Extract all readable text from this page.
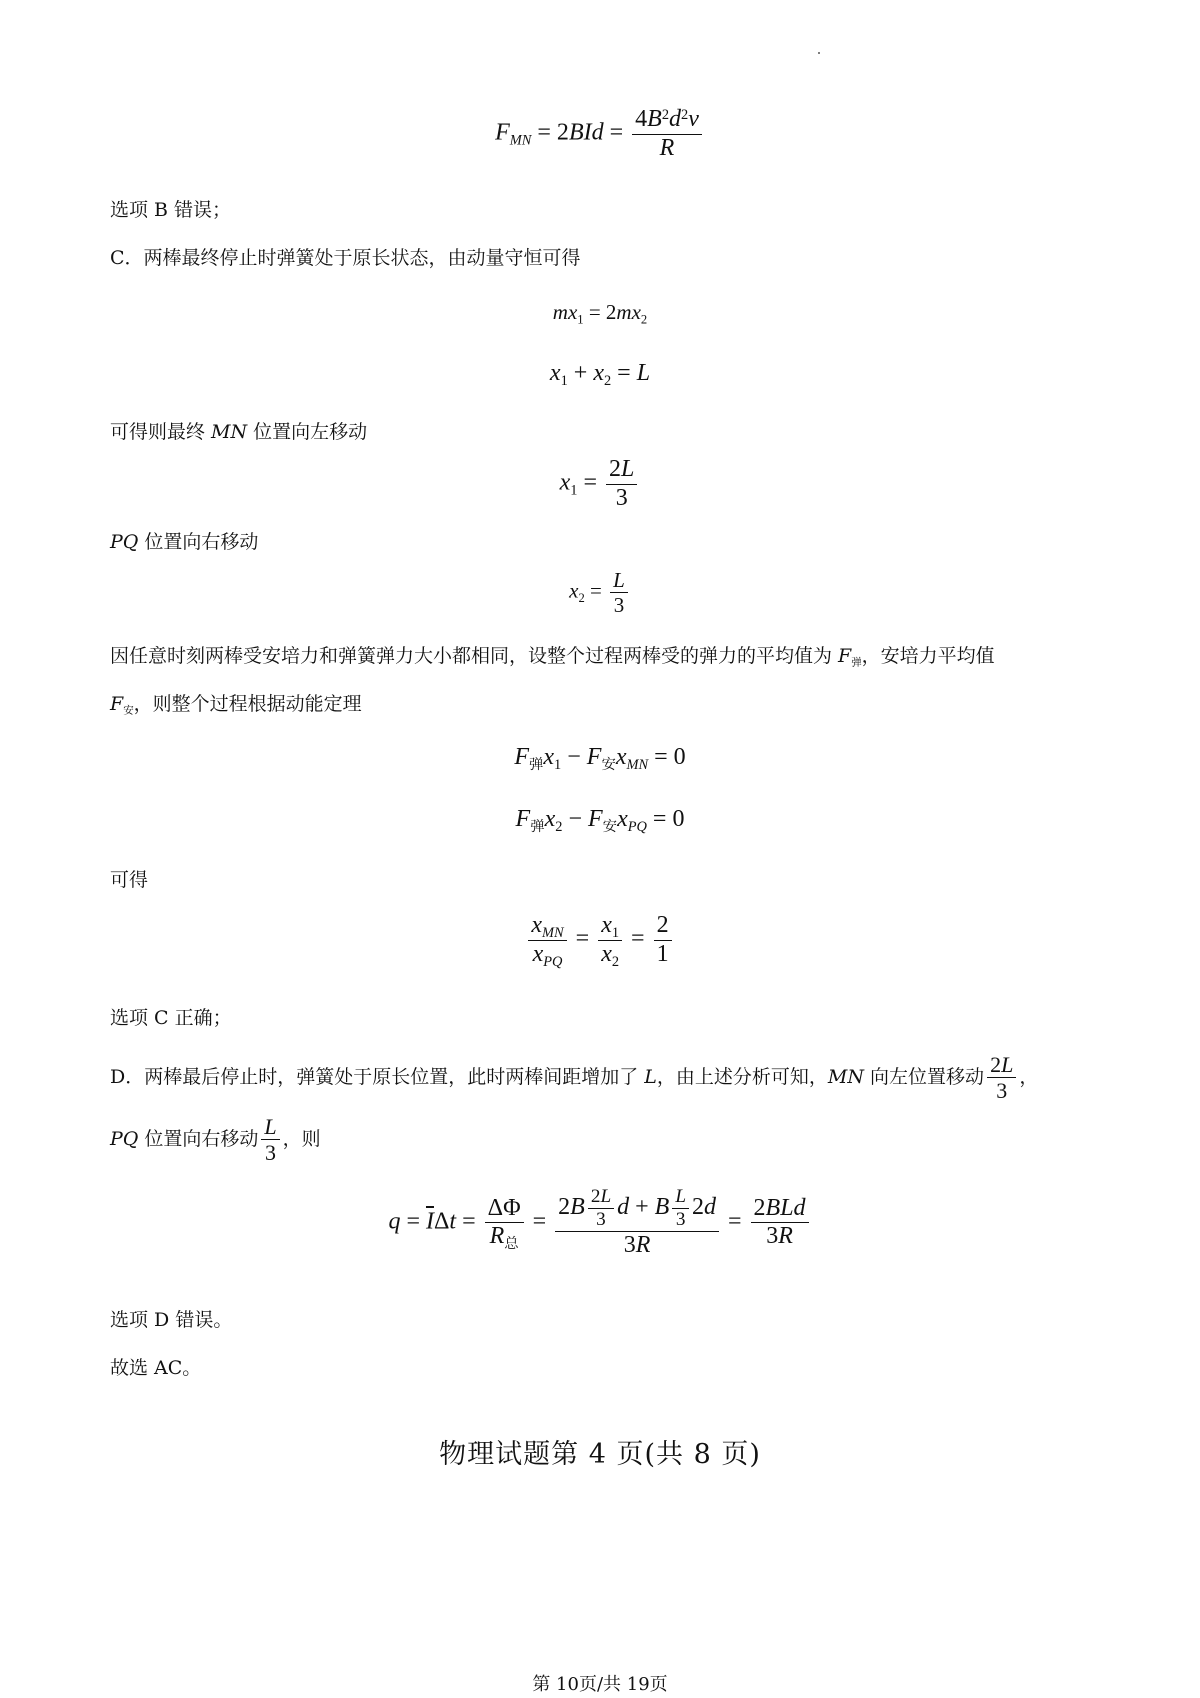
$F_{MN} = 2BId = \frac{4B^2d^2v}{R}$
选项 B 错误；
C．两棒最终停止时弹簧处于原长状态，由动量守恒可得
$mx_1 = 2mx_2$
$x_1 + x_2 = L$
可得则最终 MN 位置向左移动
$x_1 = \frac{2L}{3}$
PQ 位置向右移动
$x_2 = \frac{L}{3}$
因任意时刻两棒受安培力和弹簧弹力大小都相同，设整个过程两棒受的弹力的平均值为 $F_弹$，安培力平均值
$F_安$，则整个过程根据动能定理
$F_弹x_1 - F_安x_{MN} = 0$
$F_弹x_2 - F_安x_{PQ} = 0$
可得
$\frac{x_{MN}}{x_{PQ}} = \frac{x_1}{x_2} = \frac{2}{1}$
选项 C 正确；
D．两棒最后停止时，弹簧处于原长位置，此时两棒间距增加了 L，由上述分析可知，MN 向左位置移动 $\frac{2L}{3}$ ，
PQ 位置向右移动 $\frac{L}{3}$ ，则
$q = \overline{I}\Delta t = \frac{\Delta\Phi}{R_总} = \frac{2B \frac{2L}{3} d + B \frac{L}{3} 2d}{3R} = \frac{\text{2BLd}}{3R}$
选项 D 错误。
故选 AC。
物理试题第 4 页(共 8 页)
第 10页/共 19页
